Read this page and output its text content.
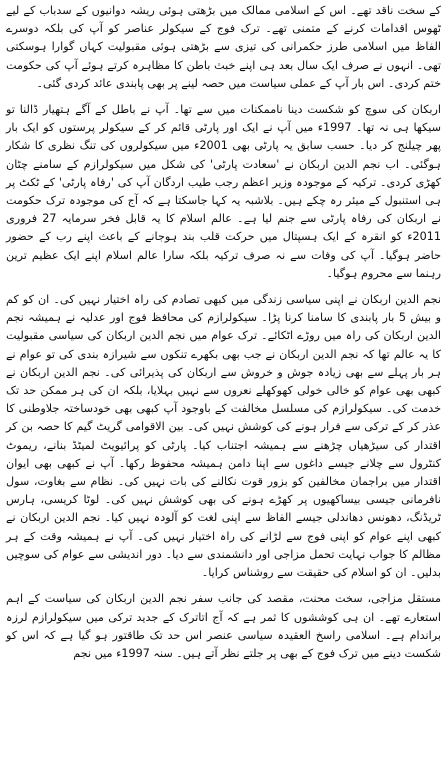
کے سخت ناقد تھے۔ اس کے اسلامی ممالک میں بڑھتی ہوئی ریشہ دوانیوں کے سدباب کے لیے ٹھوس اقدامات کرنے کے متمنی تھے۔ ترک فوج کے سیکولر عناصر کو آپ کی بلکہ دوسرے الفاظ میں اسلامی طرز حکمرانی کی تیزی سے بڑھتی ہوئی مقبولیت کہاں گوارا ہوسکتی تھی۔ انہوں نے صرف ایک سال بعد ہی اپنے خبث باطن کا مظاہرہ کرتے ہوئے آپ کی حکومت ختم کردی۔ اس بار آپ کے عملی سیاست میں حصہ لینے پر بھی پابندی عائد کردی گئی۔

اربکان کی سوچ کو شکست دینا ناممکنات میں سے تھا۔ آپ نے باطل کے آگے ہتھیار ڈالنا تو سیکھا ہی نہ تھا۔ 1997ء میں آپ نے ایک اور پارٹی قائم کر کے سیکولر پرستوں کو ایک بار پھر چیلنج کر دیا۔ حسب سابق یہ پارٹی بھی 2001ء میں سیکولروں کی تنگ نظری کا شکار ہوگئی۔ اب نجم الدین اربکان نے 'سعادت پارٹی' کی شکل میں سیکولرازم کے سامنے چٹان کھڑی کردی۔ ترکیہ کے موجودہ وزیر اعظم رجب طیب اردگان آپ کی 'رفاہ پارٹی' کے ٹکٹ پر ہی استنبول کے میئر رہ چکے ہیں۔ بلاشبہ یہ کہا جاسکتا ہے کہ آج کی موجودہ ترک حکومت نے اربکان کی رفاہ پارٹی سے جنم لیا ہے۔ عالم اسلام کا یہ قابل فخر سرمایہ 27 فروری 2011ء کو انقرہ کے ایک ہسپتال میں حرکت قلب بند ہوجانے کے باعث اپنے رب کے حضور حاضر ہوگیا۔ آپ کی وفات سے نہ صرف ترکیہ بلکہ سارا عالم اسلام اپنے ایک عظیم ترین رہنما سے محروم ہوگیا۔

نجم الدین اربکان نے اپنی سیاسی زندگی میں کبھی تصادم کی راہ اختیار نہیں کی۔ ان کو کم و بیش 5 بار پابندی کا سامنا کرنا پڑا۔ سیکولرازم کی محافظ فوج اور عدلیہ نے ہمیشہ نجم الدین اربکان کی راہ میں روڑے اٹکائے۔ ترک عوام میں نجم الدین اربکان کی سیاسی مقبولیت کا یہ عالم تھا کہ نجم الدین اربکان نے جب بھی بکھرے تنکوں سے شیرازہ بندی کی تو عوام نے ہر بار پہلے سے بھی زیادہ جوش و خروش سے اربکان کی پذیرائی کی۔ نجم الدین اربکان نے کبھی بھی عوام کو خالی خولی کھوکھلے نعروں سے نہیں بہلایا، بلکہ ان کی ہر ممکن حد تک خدمت کی۔ سیکولرازم کی مسلسل مخالفت کے باوجود آپ کبھی بھی خودساختہ جلاوطنی کا عذر کر کے ترکی سے فرار ہونے کی کوشش نہیں کی۔ بین الاقوامی گریٹ گیم کا حصہ بن کر اقتدار کی سیڑھیاں چڑھنے سے ہمیشہ اجتناب کیا۔ پارٹی کو پرائیویٹ لمیٹڈ بنانے، ریموٹ کنٹرول سے چلانے جیسے داغوں سے اپنا دامن ہمیشہ محفوظ رکھا۔ آپ نے کبھی بھی ایوان اقتدار میں براجمان مخالفین کو بزور قوت نکالنے کی بات نہیں کی۔ نظام سے بغاوت، سول نافرمانی جیسی بیساکھیوں پر کھڑے ہونے کی بھی کوشش نہیں کی۔ لوٹا کریسی، ہارس ٹریڈنگ، دھونس دھاندلی جیسے الفاظ سے اپنی لغت کو آلودہ نہیں کیا۔ نجم الدین اربکان نے کبھی اپنے عوام کو اپنی فوج سے لڑانے کی راہ اختیار نہیں کی۔ آپ نے ہمیشہ وقت کے ہر مظالم کا جواب نہایت تحمل مزاجی اور دانشمندی سے دیا۔ دور اندیشی سے عوام کی سوچیں بدلیں۔ ان کو اسلام کی حقیقت سے روشناس کرایا۔

مستقل مزاجی، سخت محنت، مقصد کی جانب سفر نجم الدین اربکان کی سیاست کے اہم استعارے تھے۔ ان ہی کوششوں کا ثمر ہے کہ آج اتاترک کے جدید ترکی میں سیکولرازم لرزہ براندام ہے۔ اسلامی راسخ العقیدہ سیاسی عنصر اس حد تک طاقتور ہو گیا ہے کہ اس کو شکست دینے میں ترک فوج کے بھی پر جلتے نظر آتے ہیں۔ سنہ 1997ء میں نجم
